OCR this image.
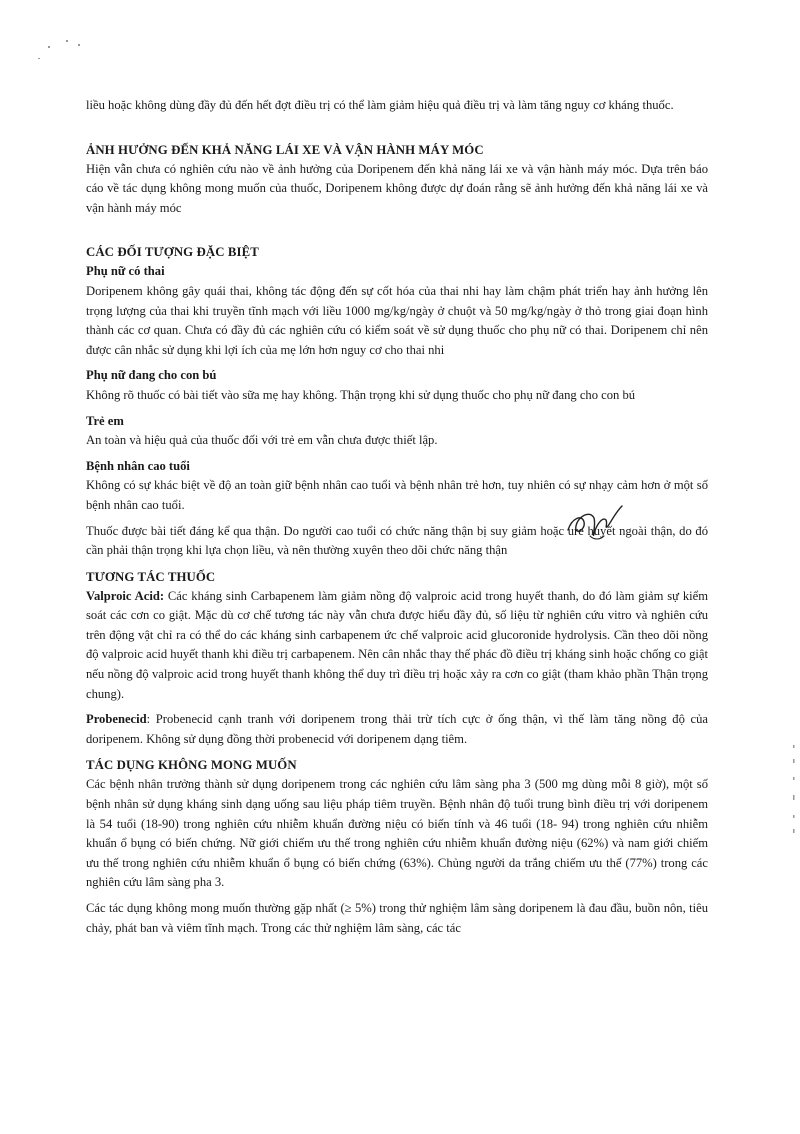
liều hoặc không dùng đầy đủ đến hết đợt điều trị có thể làm giảm hiệu quả điều trị và làm tăng nguy cơ kháng thuốc.

ẢNH HƯỞNG ĐẾN KHẢ NĂNG LÁI XE VÀ VẬN HÀNH MÁY MÓC

Hiện vẫn chưa có nghiên cứu nào về ảnh hưởng của Doripenem đến khả năng lái xe và vận hành máy móc. Dựa trên báo cáo về tác dụng không mong muốn của thuốc, Doripenem không được dự đoán rằng sẽ ảnh hưởng đến khả năng lái xe và vận hành máy móc

CÁC ĐỐI TƯỢNG ĐẶC BIỆT
Phụ nữ có thai

Doripenem không gây quái thai, không tác động đến sự cốt hóa của thai nhi hay làm chậm phát triển hay ảnh hưởng lên trọng lượng của thai khi truyền tĩnh mạch với liều 1000 mg/kg/ngày ở chuột và 50 mg/kg/ngày ở thỏ trong giai đoạn hình thành các cơ quan. Chưa có đầy đủ các nghiên cứu có kiểm soát về sử dụng thuốc cho phụ nữ có thai. Doripenem chỉ nên được cân nhắc sử dụng khi lợi ích của mẹ lớn hơn nguy cơ cho thai nhi

Phụ nữ đang cho con bú

Không rõ thuốc có bài tiết vào sữa mẹ hay không. Thận trọng khi sử dụng thuốc cho phụ nữ đang cho con bú

Trẻ em

An toàn và hiệu quả của thuốc đối với trẻ em vẫn chưa được thiết lập.

Bệnh nhân cao tuổi

Không có sự khác biệt về độ an toàn giữ bệnh nhân cao tuổi và bệnh nhân trẻ hơn, tuy nhiên có sự nhạy cảm hơn ở một số bệnh nhân cao tuổi.

Thuốc được bài tiết đáng kể qua thận. Do người cao tuổi có chức năng thận bị suy giảm hoặc ure huyết ngoài thận, do đó cần phải thận trọng khi lựa chọn liều, và nên thường xuyên theo dõi chức năng thận

TƯƠNG TÁC THUỐC

Valproic Acid: Các kháng sinh Carbapenem làm giảm nồng độ valproic acid trong huyết thanh, do đó làm giảm sự kiểm soát các cơn co giật. Mặc dù cơ chế tương tác này vẫn chưa được hiểu đầy đủ, số liệu từ nghiên cứu vitro và nghiên cứu trên động vật chỉ ra có thể do các kháng sinh carbapenem ức chế valproic acid glucoronide hydrolysis. Cần theo dõi nồng độ valproic acid huyết thanh khi điều trị carbapenem. Nên cân nhắc thay thế phác đồ điều trị kháng sinh hoặc chống co giật nếu nồng độ valproic acid trong huyết thanh không thể duy trì điều trị hoặc xảy ra cơn co giật (tham khảo phần Thận trọng chung).

Probenecid: Probenecid cạnh tranh với doripenem trong thải trừ tích cực ở ống thận, vì thế làm tăng nồng độ của doripenem. Không sử dụng đồng thời probenecid với doripenem dạng tiêm.

TÁC DỤNG KHÔNG MONG MUỐN

Các bệnh nhân trưởng thành sử dụng doripenem trong các nghiên cứu lâm sàng pha 3 (500 mg dùng mỗi 8 giờ), một số bệnh nhân sử dụng kháng sinh dạng uống sau liệu pháp tiêm truyền. Bệnh nhân độ tuổi trung bình điều trị với doripenem là 54 tuổi (18-90) trong nghiên cứu nhiễm khuẩn đường niệu có biến tính và 46 tuổi (18- 94) trong nghiên cứu nhiễm khuẩn ổ bụng có biến chứng. Nữ giới chiếm ưu thế trong nghiên cứu nhiễm khuẩn đường niệu (62%) và nam giới chiếm ưu thế trong nghiên cứu nhiễm khuẩn ổ bụng có biến chứng (63%). Chủng người da trắng chiếm ưu thế (77%) trong các nghiên cứu lâm sàng pha 3.

Các tác dụng không mong muốn thường gặp nhất (≥ 5%) trong thử nghiệm lâm sàng doripenem là đau đầu, buồn nôn, tiêu chảy, phát ban và viêm tĩnh mạch. Trong các thử nghiệm lâm sàng, các tác
